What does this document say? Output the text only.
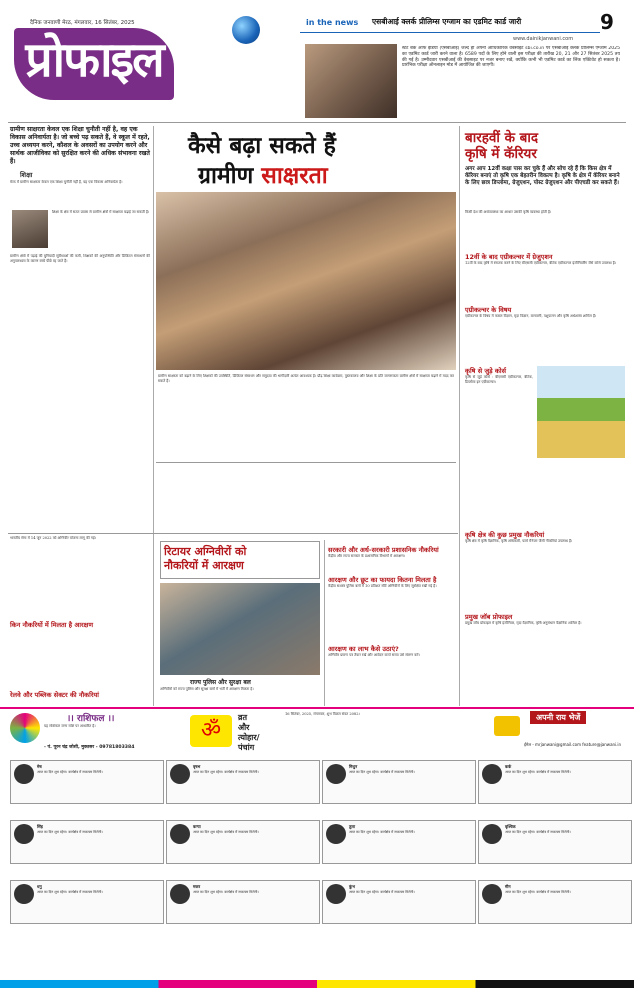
दैनिक जनवाणी मेरठ, मंगलवार, 16 सितंबर, 2025
प्रोफाइल
in the news एसबीआई क्लर्क प्रीलिम्स एग्जाम का एडमिट कार्ड जारी	9
www.dainikjanwani.com
स्टेट बैंक ऑफ इंडिया (एसबीआई) जल्द ही अपनी आधिकारिक वेबसाइट sbi.co.in पर एसबीआई क्लर्क प्रीलिम्स एग्जाम 2025 का एडमिट कार्ड जारी करने वाला है। 6589 पदों के लिए होने वाली इस परीक्षा की तारीख 20, 21 और 27 सितंबर 2025 तय की गई है। उम्मीदवार एसबीआई की वेबसाइट पर नजर बनाए रखें, क्योंकि कभी भी एडमिट कार्ड का लिंक एक्टिवेट हो सकता है। प्रारंभिक परीक्षा ऑनलाइन मोड में आयोजित की जाएगी।
ग्रामीण साक्षरता केवल एक शिक्षा चुनौती नहीं है, वह एक विकास अनिवार्यता है। जो बच्चे पढ़ सकते हैं, वे स्कूल में रहते, उच्च अध्ययन करने, कौशल के अवसरों का उपयोग करने और सार्थक आजीविका को सुरक्षित करने की अधिक संभावना रखते हैं।
शिक्षा
मेरठ में ग्रामीण साक्षरता केवल एक शिक्षा चुनौती नहीं है, यह एक विकास अनिवार्यता है।
शिक्षा के क्षेत्र में सतत प्रयास से ग्रामीण क्षेत्रों में साक्षरता बढ़ाई जा सकती है।
ग्रामीण क्षेत्रों में पढ़ाई की बुनियादी सुविधाओं की कमी, शिक्षकों की अनुपस्थिति और डिजिटल संसाधनों की अनुपलब्धता के कारण बच्चे पीछे रह जाते हैं।
कैसे बढ़ा सकते हैं
ग्रामीण साक्षरता
बारहवीं के बाद
कृषि में कॅरियर
अगर आप 12वीं कक्षा पास कर चुके हैं और सोच रहे हैं कि किस क्षेत्र में कॅरियर बनाएं तो कृषि एक बेहतरीन विकल्प है। कृषि के क्षेत्र में कॅरियर बनाने के लिए छात्र डिप्लोमा, ग्रेजुएशन, पोस्ट ग्रेजुएशन और पीएचडी कर सकते हैं।
किसी देश की अर्थव्यवस्था का आधार उसकी कृषि व्यवस्था होती है।
12वीं के बाद एग्रीकल्चर में ग्रेजुएशन
12वीं के बाद कृषि में स्नातक करने के लिए बीएससी एग्रीकल्चर, बीटेक एग्रीकल्चर इंजीनियरिंग जैसे कोर्स उपलब्ध हैं।
एग्रीकल्चर के विषय
एग्रीकल्चर के विषय में फसल विज्ञान, मृदा विज्ञान, बागवानी, पशुपालन और कृषि अर्थशास्त्र शामिल हैं।
कृषि से जुड़े कोर्स
कृषि से जुड़े कोर्स : बीएससी एग्रीकल्चर, बीटेक, डिप्लोमा इन एग्रीकल्चर।
कृषि क्षेत्र की कुछ प्रमुख नौकरियां
कृषि क्षेत्र में कृषि वैज्ञानिक, कृषि अधिकारी, फार्म मैनेजर जैसी नौकरियां उपलब्ध हैं।
प्रमुख जॉब प्रोफाइल
प्रमुख जॉब प्रोफाइल में कृषि इंजीनियर, मृदा वैज्ञानिक, कृषि अनुसंधान वैज्ञानिक शामिल हैं।
ग्रामीण साक्षरता को बढ़ाने के लिए शिक्षकों की उपस्थिति, डिजिटल संसाधन और समुदाय की भागीदारी अत्यंत आवश्यक है। प्रौढ़ शिक्षा कार्यक्रम, पुस्तकालय और शिक्षा के प्रति जागरूकता ग्रामीण क्षेत्रों में साक्षरता बढ़ाने में मदद कर सकते हैं।
भारतीय सेना में 14 जून 2022 को अग्निवीर योजना लागू की गई।
किन नौकरियों में मिलता है आरक्षण
रेलवे और पब्लिक सेक्टर की नौकरियां
रिटायर अग्निवीरों को
नौकरियों में आरक्षण
राज्य पुलिस और सुरक्षा बल
अग्निवीरों को राज्य पुलिस और सुरक्षा बलों में भर्ती में आरक्षण मिलता है।
सरकारी और अर्ध-सरकारी प्रशासनिक नौकरियां
केंद्रीय और राज्य सरकार के प्रशासनिक विभागों में आरक्षण।
आरक्षण और छूट का फायदा कितना मिलता है
केंद्रीय सशस्त्र पुलिस बलों में 10 प्रतिशत सीटें अग्निवीरों के लिए सुरक्षित रखी गई हैं।
आरक्षण का लाभ कैसे उठाएं?
अग्निवीर प्रमाण पत्र तैयार रखें और आवेदन करते समय उसे संलग्न करें।
।। राशिफल ।।
यह राशिफल जन्म राशि पर आधारित है।
- पं. पूरन चंद्र जोशी, मुक्तसर - 09781803384
ॐ
व्रत
और
त्योहार/
पंचांग
16 सितंबर, 2025, मंगलवार, शुभ विक्रम संवत 2082।	अपनी राय भेजें
ईमेल - mrjanwani@gmail.com feature@janwani.in
मेष
आज का दिन शुभ रहेगा। कार्यक्षेत्र में सफलता मिलेगी।
वृषभ
आज का दिन शुभ रहेगा। कार्यक्षेत्र में सफलता मिलेगी।
मिथुन
आज का दिन शुभ रहेगा। कार्यक्षेत्र में सफलता मिलेगी।
कर्क
आज का दिन शुभ रहेगा। कार्यक्षेत्र में सफलता मिलेगी।
सिंह
आज का दिन शुभ रहेगा। कार्यक्षेत्र में सफलता मिलेगी।
कन्या
आज का दिन शुभ रहेगा। कार्यक्षेत्र में सफलता मिलेगी।
तुला
आज का दिन शुभ रहेगा। कार्यक्षेत्र में सफलता मिलेगी।
वृश्चिक
आज का दिन शुभ रहेगा। कार्यक्षेत्र में सफलता मिलेगी।
धनु
आज का दिन शुभ रहेगा। कार्यक्षेत्र में सफलता मिलेगी।
मकर
आज का दिन शुभ रहेगा। कार्यक्षेत्र में सफलता मिलेगी।
कुंभ
आज का दिन शुभ रहेगा। कार्यक्षेत्र में सफलता मिलेगी।
मीन
आज का दिन शुभ रहेगा। कार्यक्षेत्र में सफलता मिलेगी।
